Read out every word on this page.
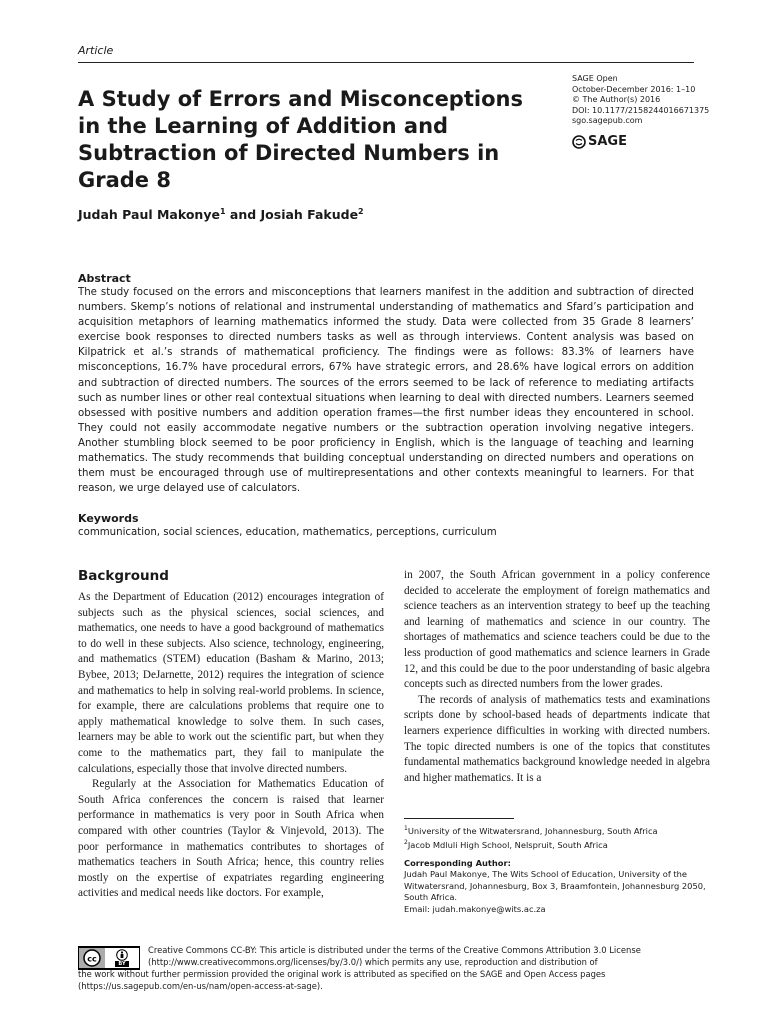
Article
A Study of Errors and Misconceptions in the Learning of Addition and Subtraction of Directed Numbers in Grade 8
SAGE Open
October-December 2016: 1–10
© The Author(s) 2016
DOI: 10.1177/2158244016671375
sgo.sagepub.com
SAGE
Judah Paul Makonye$^1$ and Josiah Fakude$^2$
Abstract

The study focused on the errors and misconceptions that learners manifest in the addition and subtraction of directed numbers. Skemp’s notions of relational and instrumental understanding of mathematics and Sfard’s participation and acquisition metaphors of learning mathematics informed the study. Data were collected from 35 Grade 8 learners’ exercise book responses to directed numbers tasks as well as through interviews. Content analysis was based on Kilpatrick et al.’s strands of mathematical proficiency. The findings were as follows: 83.3% of learners have misconceptions, 16.7% have procedural errors, 67% have strategic errors, and 28.6% have logical errors on addition and subtraction of directed numbers. The sources of the errors seemed to be lack of reference to mediating artifacts such as number lines or other real contextual situations when learning to deal with directed numbers. Learners seemed obsessed with positive numbers and addition operation frames—the first number ideas they encountered in school. They could not easily accommodate negative numbers or the subtraction operation involving negative integers. Another stumbling block seemed to be poor proficiency in English, which is the language of teaching and learning mathematics. The study recommends that building conceptual understanding on directed numbers and operations on them must be encouraged through use of multirepresentations and other contexts meaningful to learners. For that reason, we urge delayed use of calculators.

Keywords

communication, social sciences, education, mathematics, perceptions, curriculum

Background

As the Department of Education (2012) encourages integration of subjects such as the physical sciences, social sciences, and mathematics, one needs to have a good background of mathematics to do well in these subjects. Also science, technology, engineering, and mathematics (STEM) education (Basham & Marino, 2013; Bybee, 2013; DeJarnette, 2012) requires the integration of science and mathematics to help in solving real-world problems. In science, for example, there are calculations problems that require one to apply mathematical knowledge to solve them. In such cases, learners may be able to work out the scientific part, but when they come to the mathematics part, they fail to manipulate the calculations, especially those that involve directed numbers.

Regularly at the Association for Mathematics Education of South Africa conferences the concern is raised that learner performance in mathematics is very poor in South Africa when compared with other countries (Taylor & Vinjevold, 2013). The poor performance in mathematics contributes to shortages of mathematics teachers in South Africa; hence, this country relies mostly on the expertise of expatriates regarding engineering activities and medical needs like doctors. For example,

in 2007, the South African government in a policy conference decided to accelerate the employment of foreign mathematics and science teachers as an intervention strategy to beef up the teaching and learning of mathematics and science in our country. The shortages of mathematics and science teachers could be due to the less production of good mathematics and science learners in Grade 12, and this could be due to the poor understanding of basic algebra concepts such as directed numbers from the lower grades.

The records of analysis of mathematics tests and examinations scripts done by school-based heads of departments indicate that learners experience difficulties in working with directed numbers. The topic directed numbers is one of the topics that constitutes fundamental mathematics background knowledge needed in algebra and higher mathematics. It is a

$^1$University of the Witwatersrand, Johannesburg, South Africa
$^2$Jacob Mdluli High School, Nelspruit, South Africa
Corresponding Author:
Judah Paul Makonye, The Wits School of Education, University of the Witwatersrand, Johannesburg, Box 3, Braamfontein, Johannesburg 2050, South Africa.
Email: judah.makonye@wits.ac.za
cc
BY
Creative Commons CC-BY: This article is distributed under the terms of the Creative Commons Attribution 3.0 License (http://www.creativecommons.org/licenses/by/3.0/) which permits any use, reproduction and distribution of
the work without further permission provided the original work is attributed as specified on the SAGE and Open Access pages (https://us.sagepub.com/en-us/nam/open-access-at-sage).
